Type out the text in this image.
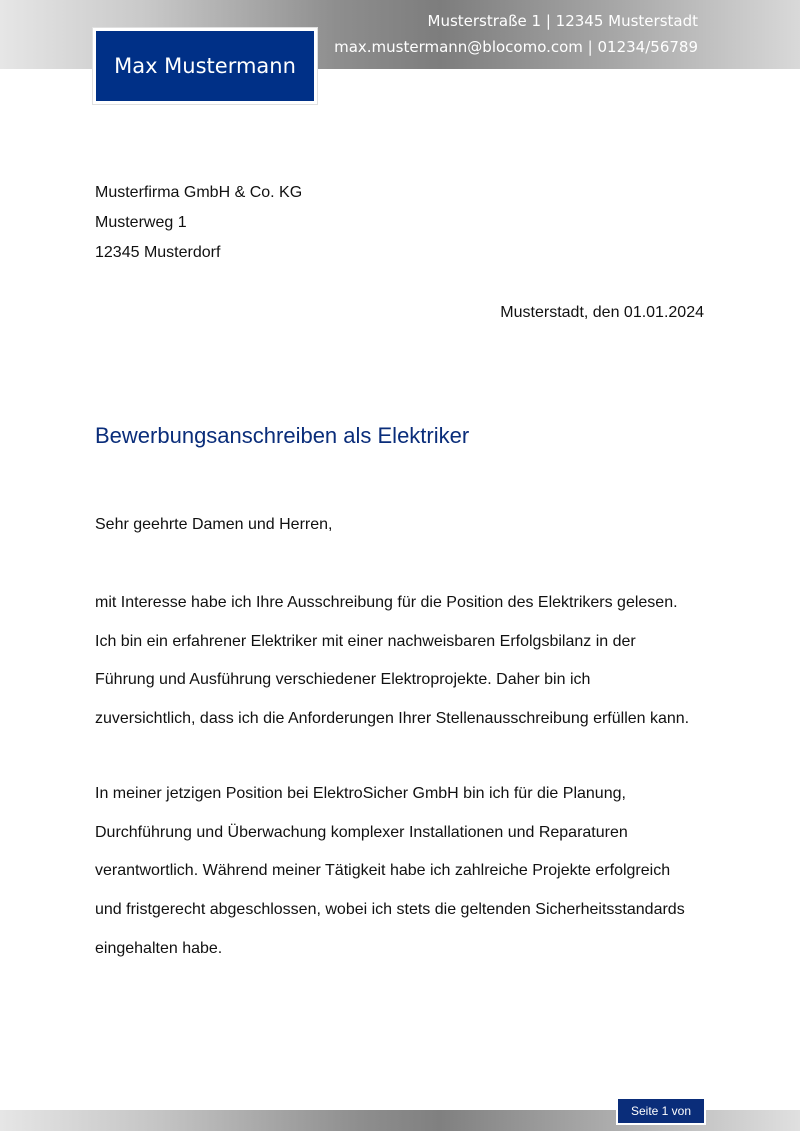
Musterstraße 1 | 12345 Musterstadt
max.mustermann@blocomo.com | 01234/56789
Max Mustermann
Musterfirma GmbH & Co. KG
Musterweg 1
12345 Musterdorf
Musterstadt, den 01.01.2024
Bewerbungsanschreiben als Elektriker
Sehr geehrte Damen und Herren,
mit Interesse habe ich Ihre Ausschreibung für die Position des Elektrikers gelesen.
Ich bin ein erfahrener Elektriker mit einer nachweisbaren Erfolgsbilanz in der
Führung und Ausführung verschiedener Elektroprojekte. Daher bin ich
zuversichtlich, dass ich die Anforderungen Ihrer Stellenausschreibung erfüllen kann.
In meiner jetzigen Position bei ElektroSicher GmbH bin ich für die Planung,
Durchführung und Überwachung komplexer Installationen und Reparaturen
verantwortlich. Während meiner Tätigkeit habe ich zahlreiche Projekte erfolgreich
und fristgerecht abgeschlossen, wobei ich stets die geltenden Sicherheitsstandards
eingehalten habe.
Seite 1 von
